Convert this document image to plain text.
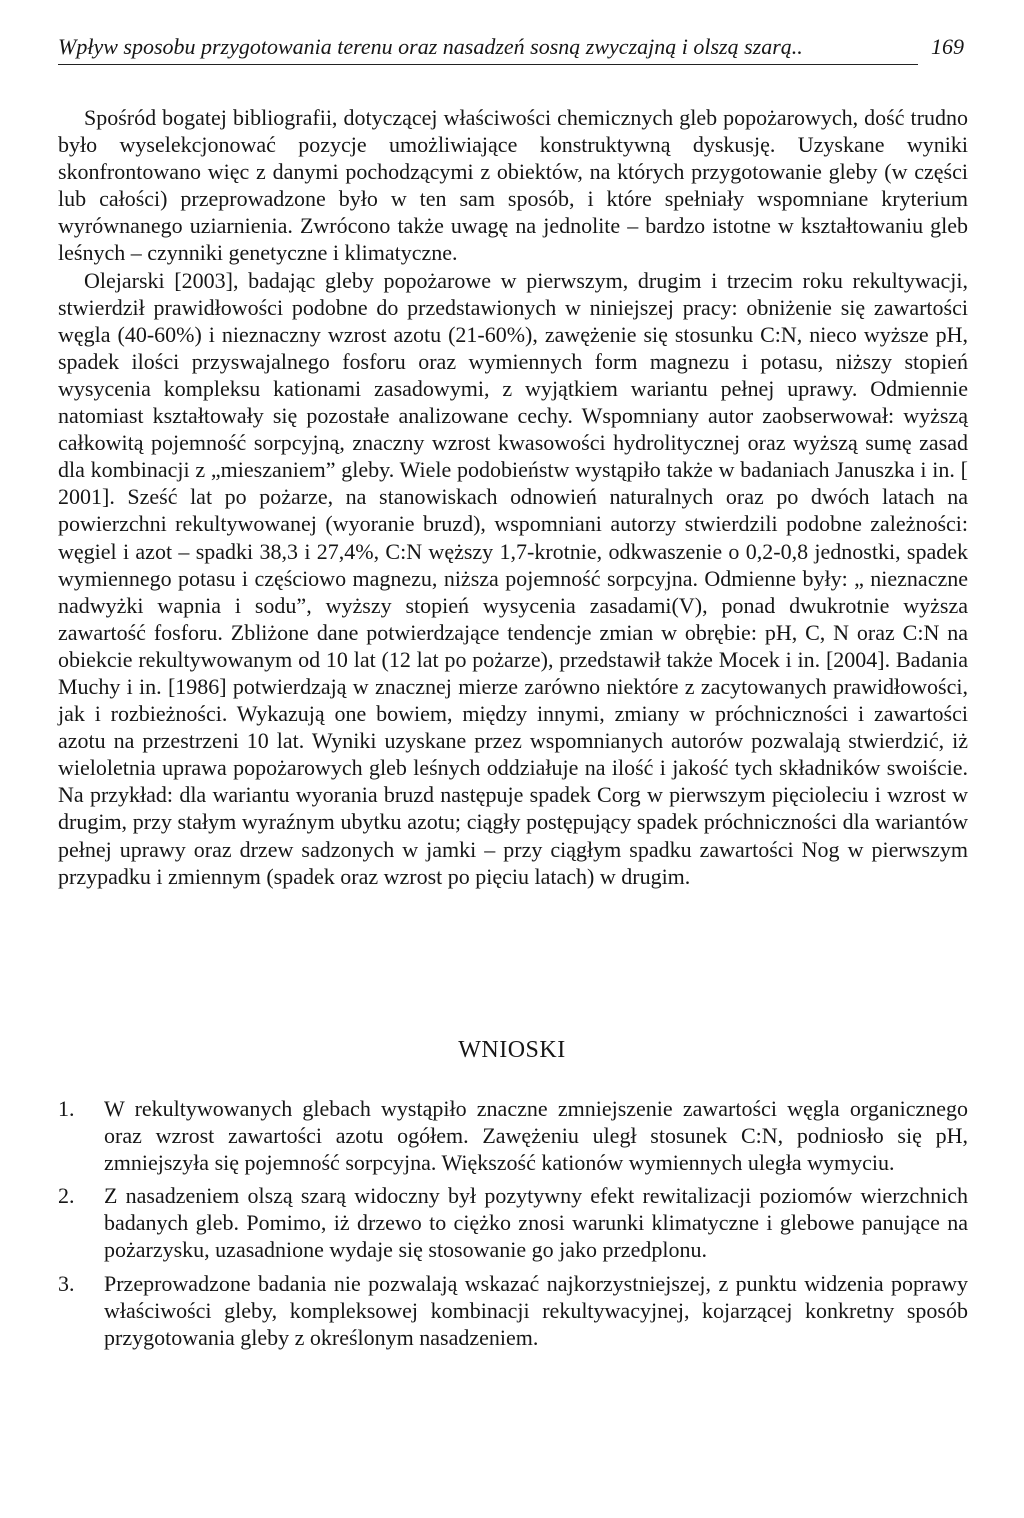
Wpływ sposobu przygotowania terenu oraz nasadzeń sosną zwyczajną i olszą szarą..	169

Spośród bogatej bibliografii, dotyczącej właściwości chemicznych gleb popożarowych, dość trudno było wyselekcjonować pozycje umożliwiające konstruktywną dyskusję. Uzyskane wyniki skonfrontowano więc z danymi pochodzącymi z obiektów, na których przygotowanie gleby (w części lub całości) przeprowadzone było w ten sam sposób, i które spełniały wspomniane kryterium wyrównanego uziarnienia. Zwrócono także uwagę na jednolite – bardzo istotne w kształtowaniu gleb leśnych – czynniki genetyczne i klimatyczne.

Olejarski [2003], badając gleby popożarowe w pierwszym, drugim i trzecim roku rekultywacji, stwierdził prawidłowości podobne do przedstawionych w niniejszej pracy: obniżenie się zawartości węgla (40-60%) i nieznaczny wzrost azotu (21-60%), zawężenie się stosunku C:N, nieco wyższe pH, spadek ilości przyswajalnego fosforu oraz wymiennych form magnezu i potasu, niższy stopień wysycenia kompleksu kationami zasadowymi, z wyjątkiem wariantu pełnej uprawy. Odmiennie natomiast kształtowały się pozostałe analizowane cechy. Wspomniany autor zaobserwował: wyższą całkowitą pojemność sorpcyjną, znaczny wzrost kwasowości hydrolitycznej oraz wyższą sumę zasad dla kombinacji z „mieszaniem” gleby. Wiele podobieństw wystąpiło także w badaniach Januszka i in. [ 2001]. Sześć lat po pożarze, na stanowiskach odnowień naturalnych oraz po dwóch latach na powierzchni rekultywowanej (wyoranie bruzd), wspomniani autorzy stwierdzili podobne zależności: węgiel i azot – spadki 38,3 i 27,4%, C:N węższy 1,7-krotnie, odkwaszenie o 0,2-0,8 jednostki, spadek wymiennego potasu i częściowo magnezu, niższa pojemność sorpcyjna. Odmienne były: „ nieznaczne nadwyżki wapnia i sodu”, wyższy stopień wysycenia zasadami(V), ponad dwukrotnie wyższa zawartość fosforu. Zbliżone dane potwierdzające tendencje zmian w obrębie: pH, C, N oraz C:N na obiekcie rekultywowanym od 10 lat (12 lat po pożarze), przedstawił także Mocek i in. [2004]. Badania Muchy i in. [1986] potwierdzają w znacznej mierze zarówno niektóre z zacytowanych prawidłowości, jak i rozbieżności. Wykazują one bowiem, między innymi, zmiany w próchniczności i zawartości azotu na przestrzeni 10 lat. Wyniki uzyskane przez wspomnianych autorów pozwalają stwierdzić, iż wieloletnia uprawa popożarowych gleb leśnych oddziałuje na ilość i jakość tych składników swoiście. Na przykład: dla wariantu wyorania bruzd następuje spadek Corg w pierwszym pięcioleciu i wzrost w drugim, przy stałym wyraźnym ubytku azotu; ciągły postępujący spadek próchniczności dla wariantów pełnej uprawy oraz drzew sadzonych w jamki – przy ciągłym spadku zawartości Nog w pierwszym przypadku i zmiennym (spadek oraz wzrost po pięciu latach) w drugim.

WNIOSKI
1. W rekultywowanych glebach wystąpiło znaczne zmniejszenie zawartości węgla organicznego oraz wzrost zawartości azotu ogółem. Zawężeniu uległ stosunek C:N, podniosło się pH, zmniejszyła się pojemność sorpcyjna. Większość kationów wymiennych uległa wymyciu.
2. Z nasadzeniem olszą szarą widoczny był pozytywny efekt rewitalizacji poziomów wierzchnich badanych gleb. Pomimo, iż drzewo to ciężko znosi warunki klimatyczne i glebowe panujące na pożarzysku, uzasadnione wydaje się stosowanie go jako przedplonu.
3. Przeprowadzone badania nie pozwalają wskazać najkorzystniejszej, z punktu widzenia poprawy właściwości gleby, kompleksowej kombinacji rekultywacyjnej, kojarzącej konkretny sposób przygotowania gleby z określonym nasadzeniem.
